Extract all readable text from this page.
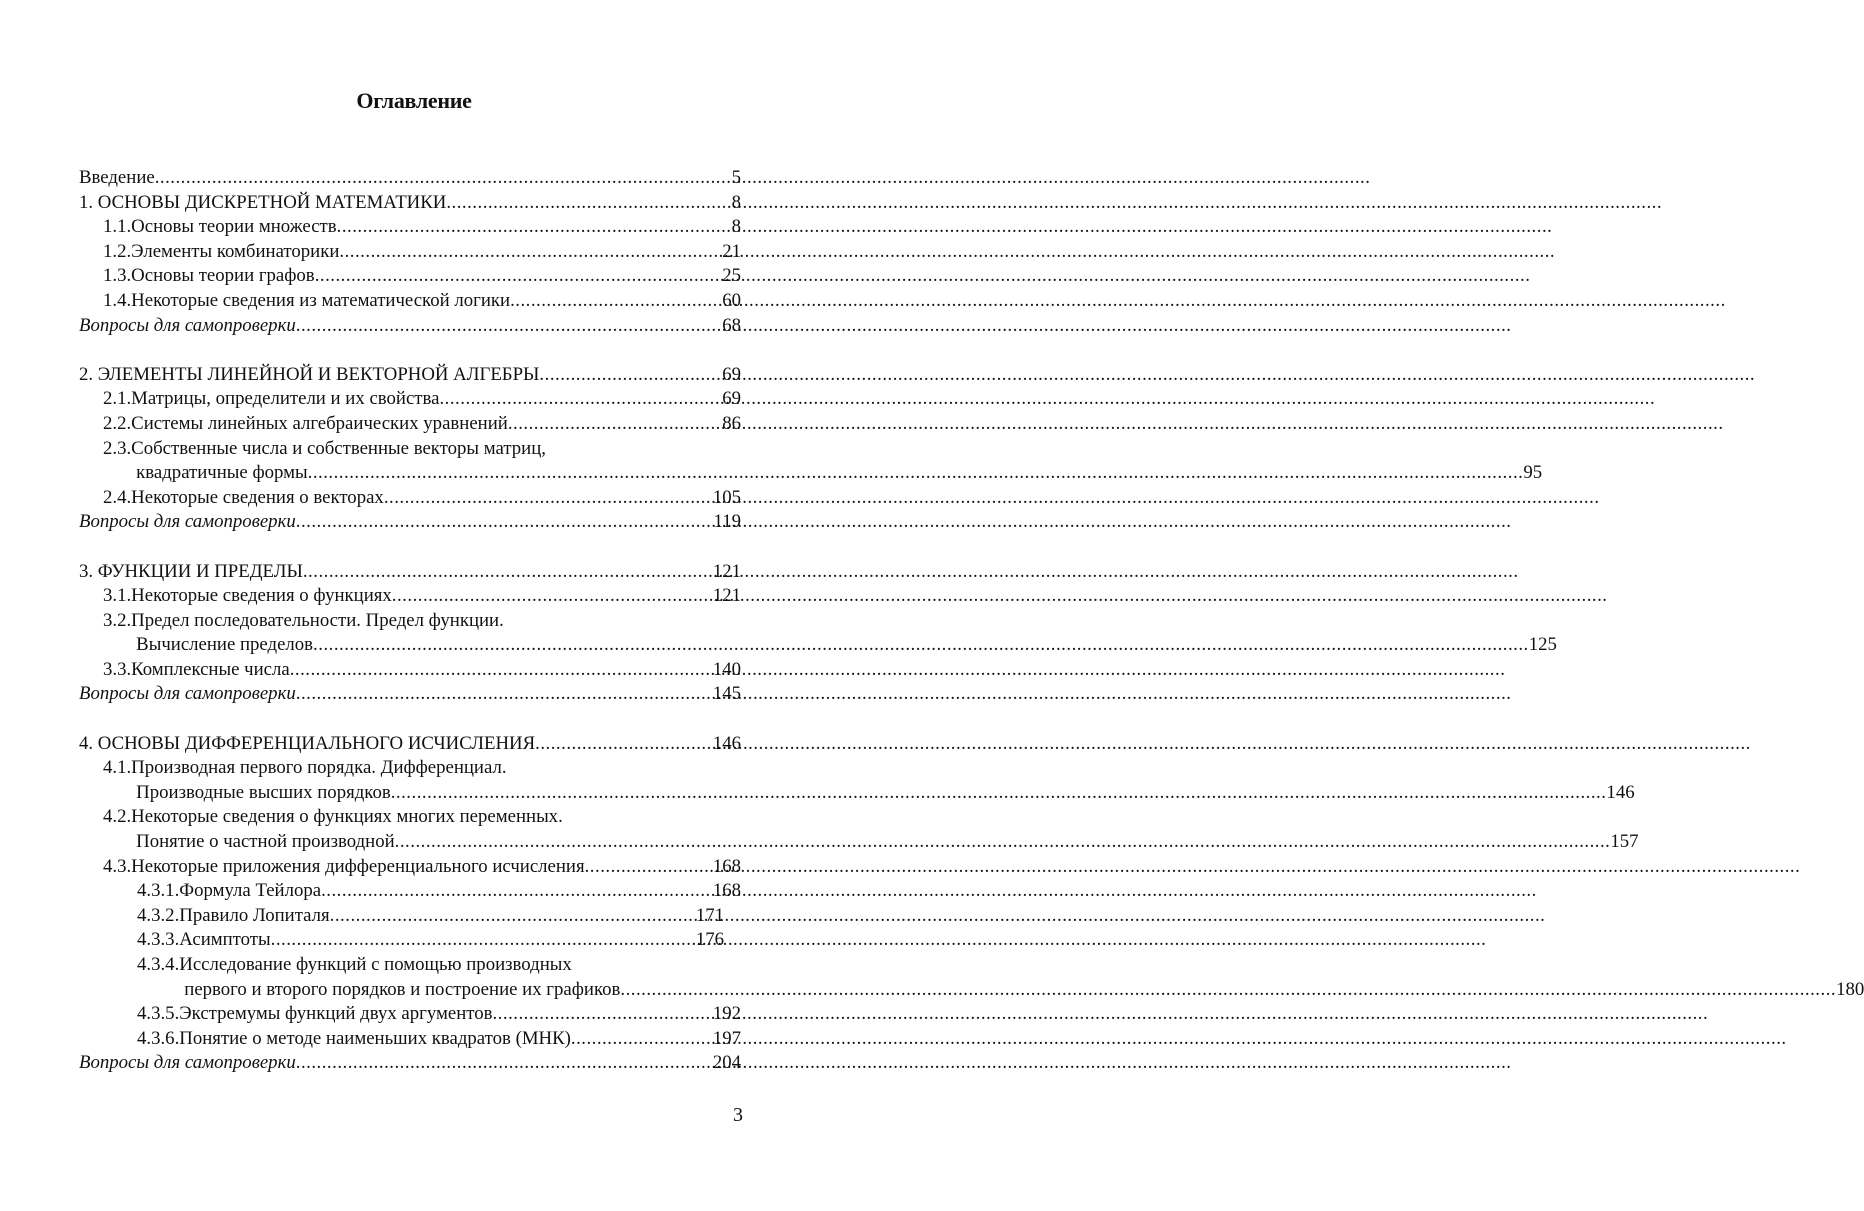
Оглавление
Введение .....	5
1. ОСНОВЫ ДИСКРЕТНОЙ МАТЕМАТИКИ .....	8
1.1. Основы теории множеств .....	8
1.2. Элементы комбинаторики .....	21
1.3. Основы теории графов .....	25
1.4. Некоторые сведения из математической логики .....	60
Вопросы для самопроверки .....	68
2. ЭЛЕМЕНТЫ ЛИНЕЙНОЙ И ВЕКТОРНОЙ АЛГЕБРЫ .....	69
2.1. Матрицы, определители и их свойства .....	69
2.2. Системы линейных алгебраических уравнений .....	86
2.3. Собственные числа и собственные векторы матриц,
квадратичные формы .....	95
2.4. Некоторые сведения о векторах .....	105
Вопросы для самопроверки .....	119
3. ФУНКЦИИ И ПРЕДЕЛЫ .....	121
3.1. Некоторые сведения о функциях .....	121
3.2. Предел последовательности. Предел функции.
Вычисление пределов .....	125
3.3. Комплексные числа .....	140
Вопросы для самопроверки .....	145
4. ОСНОВЫ ДИФФЕРЕНЦИАЛЬНОГО ИСЧИСЛЕНИЯ .....	146
4.1. Производная первого порядка. Дифференциал.
Производные высших порядков .....	146
4.2. Некоторые сведения о функциях многих переменных.
Понятие о частной производной .....	157
4.3. Некоторые приложения дифференциального исчисления .....	168
4.3.1. Формула Тейлора .....	168
4.3.2. Правило Лопиталя .....	171
4.3.3. Асимптоты .....	176
4.3.4. Исследование функций с помощью производных
первого и второго порядков и построение их графиков .....	180
4.3.5. Экстремумы функций двух аргументов .....	192
4.3.6. Понятие о методе наименьших квадратов (МНК) .....	197
Вопросы для самопроверки .....	204
3
